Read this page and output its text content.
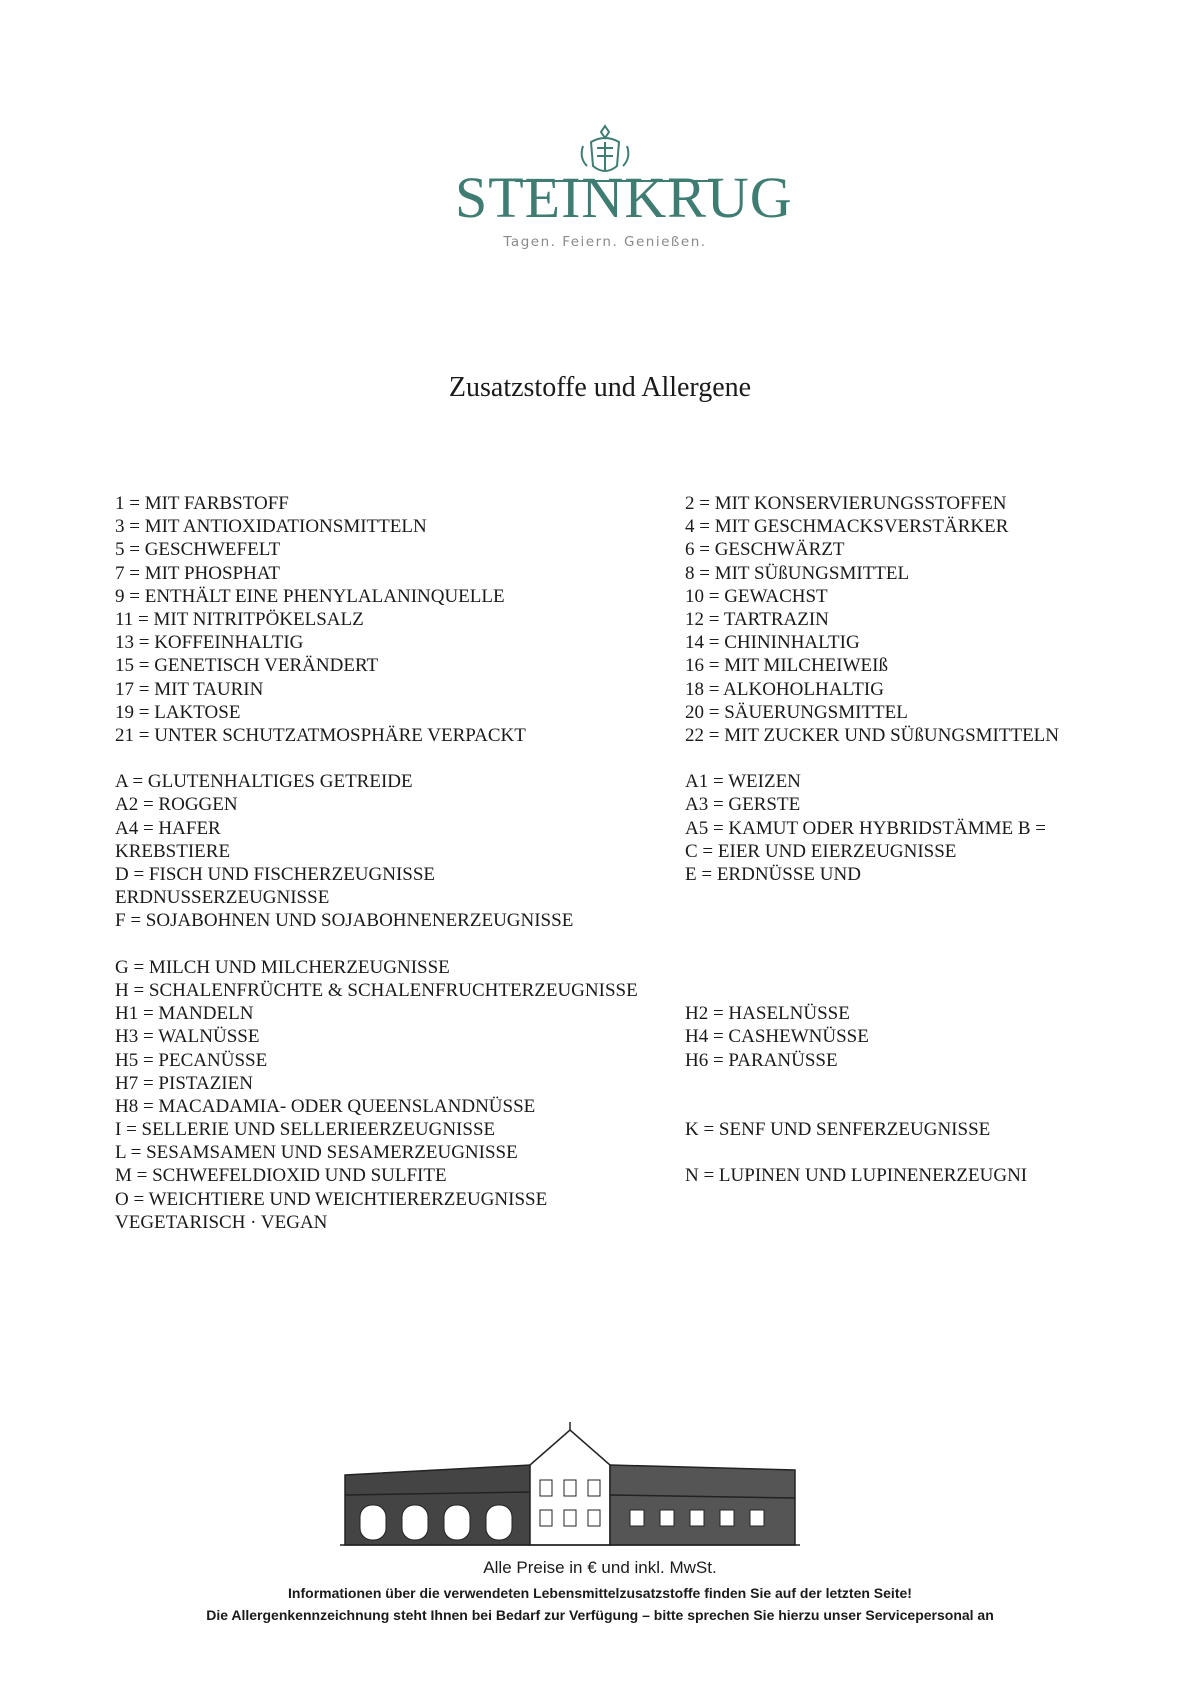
STEINKRUG
Tagen. Feiern. Genießen.
Zusatzstoffe und Allergene
1 = MIT FARBSTOFF
3 = MIT ANTIOXIDATIONSMITTELN
5 = GESCHWEFELT
7 = MIT PHOSPHAT
9 = ENTHÄLT EINE PHENYLALANINQUELLE
11 = MIT NITRITPÖKELSALZ
13 = KOFFEINHALTIG
15 = GENETISCH VERÄNDERT
17 = MIT TAURIN
19 = LAKTOSE
21 = UNTER SCHUTZATMOSPHÄRE VERPACKT
A = GLUTENHALTIGES GETREIDE
A2 = ROGGEN
A4 = HAFER
KREBSTIERE
D = FISCH UND FISCHERZEUGNISSE
ERDNUSSERZEUGNISSE
F = SOJABOHNEN UND SOJABOHNENERZEUGNISSE
G = MILCH UND MILCHERZEUGNISSE
H = SCHALENFRÜCHTE & SCHALENFRUCHTERZEUGNISSE
H1 = MANDELN
H3 = WALNÜSSE
H5 = PECANÜSSE
H7 = PISTAZIEN
H8 = MACADAMIA- ODER QUEENSLANDNÜSSE
I = SELLERIE UND SELLERIEERZEUGNISSE
L = SESAMSAMEN UND SESAMERZEUGNISSE
M = SCHWEFELDIOXID UND SULFITE
O = WEICHTIERE UND WEICHTIERERZEUGNISSE
VEGETARISCH · VEGAN
2 = MIT KONSERVIERUNGSSTOFFEN
4 = MIT GESCHMACKSVERSTÄRKER
6 = GESCHWÄRZT
8 = MIT SÜßUNGSMITTEL
10 = GEWACHST
12 = TARTRAZIN
14 = CHININHALTIG
16 = MIT MILCHEIWEIß
18 = ALKOHOLHALTIG
20 = SÄUERUNGSMITTEL
22 = MIT ZUCKER UND SÜßUNGSMITTELN
A1 = WEIZEN
A3 = GERSTE
A5 = KAMUT ODER HYBRIDSTÄMME B =
C = EIER UND EIERZEUGNISSE
E = ERDNÜSSE UND
H2 = HASELNÜSSE
H4 = CASHEWNÜSSE
H6 = PARANÜSSE
K = SENF UND SENFERZEUGNISSE
N = LUPINEN UND LUPINENERZEUGNI
Alle Preise in € und inkl. MwSt.
Informationen über die verwendeten Lebensmittelzusatzstoffe finden Sie auf der letzten Seite!
Die Allergenkennzeichnung steht Ihnen bei Bedarf zur Verfügung – bitte sprechen Sie hierzu unser Servicepersonal an
